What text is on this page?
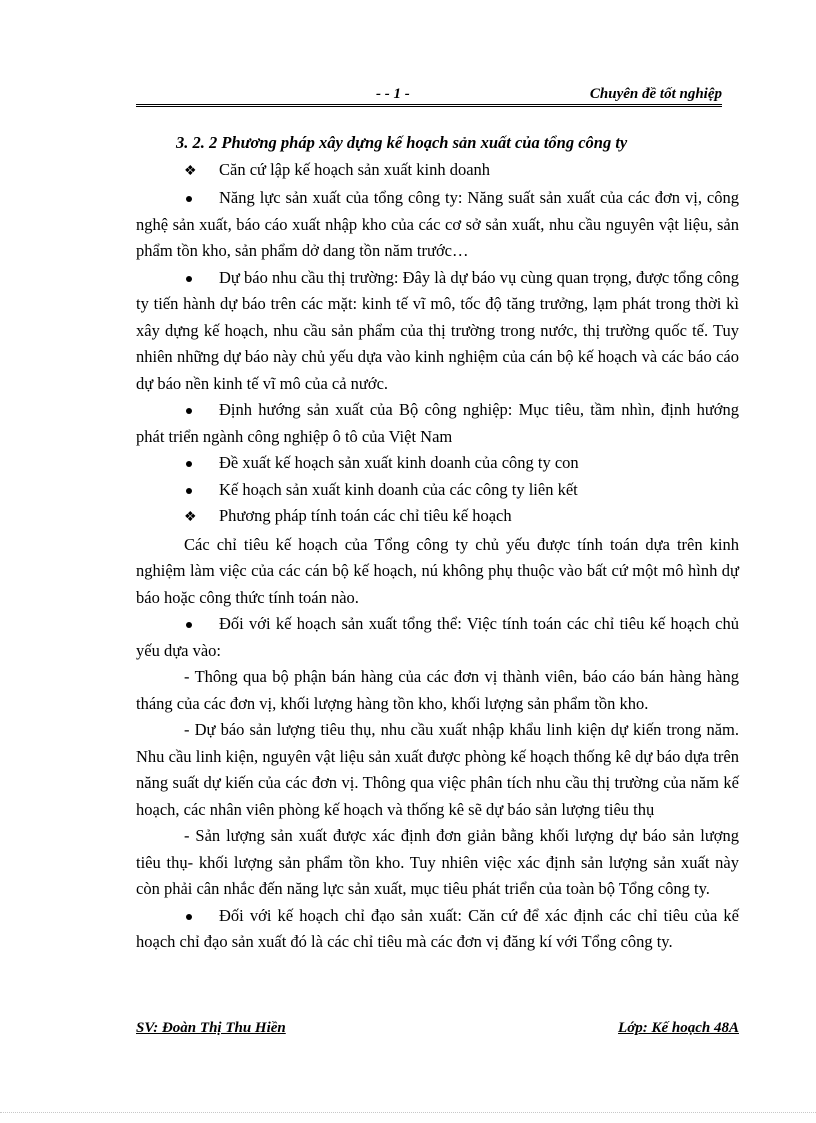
- - 1 -	Chuyên đề tốt nghiệp

3. 2. 2 Phương pháp xây dựng kế hoạch sản xuất của tổng công ty

❖ Căn cứ lập kế hoạch sản xuất kinh doanh

Năng lực sản xuất của tổng công ty: Năng suất sản xuất của các đơn vị, công nghệ sản xuất, báo cáo xuất nhập kho của các cơ sở sản xuất, nhu cầu nguyên vật liệu, sản phẩm tồn kho, sản phẩm dở dang tồn năm trước…

Dự báo nhu cầu thị trường: Đây là dự báo vụ cùng quan trọng, được tổng công ty tiến hành dự báo trên các mặt: kinh tế vĩ mô, tốc độ tăng trưởng, lạm phát trong thời kì xây dựng kế hoạch, nhu cầu sản phẩm của thị trường trong nước, thị trường quốc tế. Tuy nhiên những dự báo này chủ yếu dựa vào kinh nghiệm của cán bộ kế hoạch và các báo cáo dự báo nền kinh tế vĩ mô của cả nước.

Định hướng sản xuất của Bộ công nghiệp: Mục tiêu, tầm nhìn, định hướng phát triển ngành công nghiệp ô tô của Việt Nam

Đề xuất kế hoạch sản xuất kinh doanh của công ty con

Kế hoạch sản xuất kinh doanh của các công ty liên kết

❖ Phương pháp tính toán các chỉ tiêu kế hoạch

Các chỉ tiêu kế hoạch của Tổng công ty chủ yếu được tính toán dựa trên kinh nghiệm làm việc của các cán bộ kế hoạch, nú không phụ thuộc vào bất cứ một mô hình dự báo hoặc công thức tính toán nào.

Đối với kế hoạch sản xuất tổng thể: Việc tính toán các chỉ tiêu kế hoạch chủ yếu dựa vào:

- Thông qua bộ phận bán hàng của các đơn vị thành viên, báo cáo bán hàng hàng tháng của các đơn vị, khối lượng hàng tồn kho, khối lượng sản phẩm tồn kho.

- Dự báo sản lượng tiêu thụ, nhu cầu xuất nhập khẩu linh kiện dự kiến trong năm. Nhu cầu linh kiện, nguyên vật liệu sản xuất được phòng kế hoạch thống kê dự báo dựa trên năng suất dự kiến của các đơn vị. Thông qua việc phân tích nhu cầu thị trường của năm kế hoạch, các nhân viên phòng kế hoạch và thống kê sẽ dự báo sản lượng tiêu thụ

- Sản lượng sản xuất được xác định đơn giản bằng khối lượng dự báo sản lượng tiêu thụ- khối lượng sản phẩm tồn kho. Tuy nhiên việc xác định sản lượng sản xuất này còn phải cân nhắc đến năng lực sản xuất, mục tiêu phát triển của toàn bộ Tổng công ty.

Đối với kế hoạch chỉ đạo sản xuất: Căn cứ để xác định các chỉ tiêu của kế hoạch chỉ đạo sản xuất đó là các chỉ tiêu mà các đơn vị đăng kí với Tổng công ty.

SV: Đoàn Thị Thu Hiền	Lớp: Kế hoạch 48A
